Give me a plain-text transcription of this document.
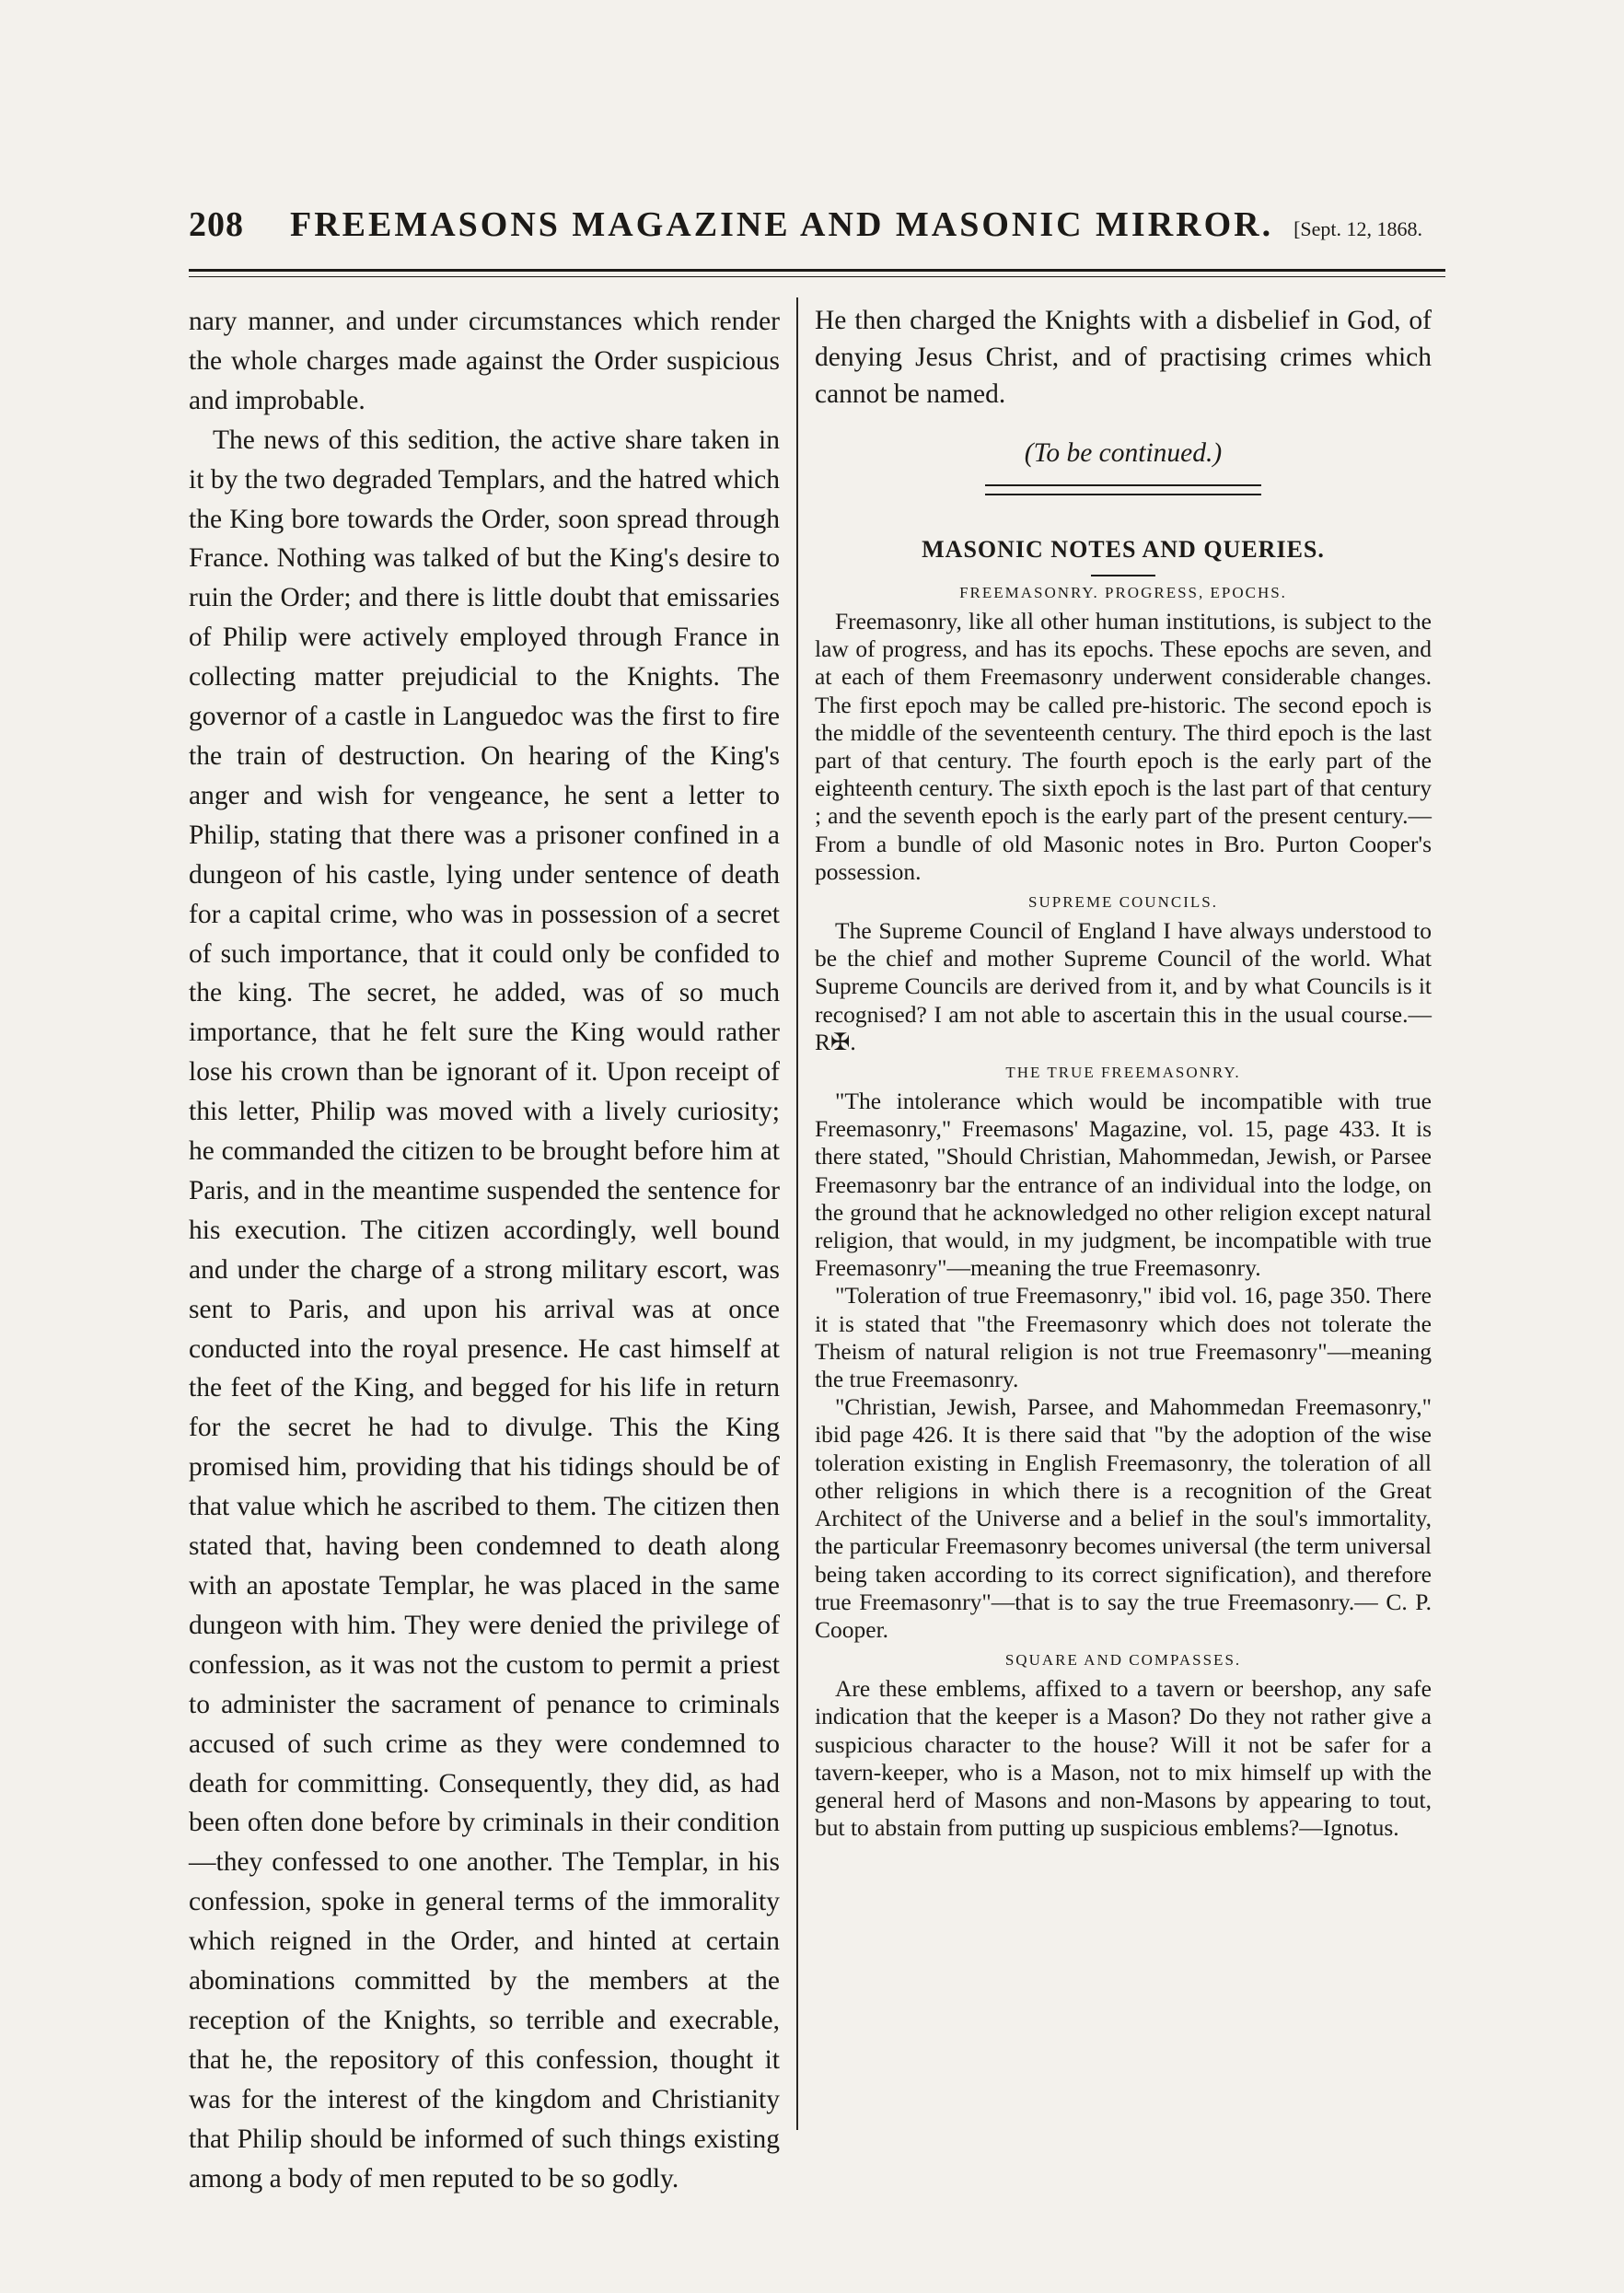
208 FREEMASONS MAGAZINE AND MASONIC MIRROR. [Sept. 12, 1868.

nary manner, and under circumstances which render the whole charges made against the Order suspicious and improbable.

The news of this sedition, the active share taken in it by the two degraded Templars, and the hatred which the King bore towards the Order, soon spread through France. Nothing was talked of but the King's desire to ruin the Order; and there is little doubt that emissaries of Philip were actively employed through France in collecting matter prejudicial to the Knights. The governor of a castle in Languedoc was the first to fire the train of destruction. On hearing of the King's anger and wish for vengeance, he sent a letter to Philip, stating that there was a prisoner confined in a dungeon of his castle, lying under sentence of death for a capital crime, who was in possession of a secret of such importance, that it could only be confided to the king. The secret, he added, was of so much importance, that he felt sure the King would rather lose his crown than be ignorant of it. Upon receipt of this letter, Philip was moved with a lively curiosity; he commanded the citizen to be brought before him at Paris, and in the meantime suspended the sentence for his execution. The citizen accordingly, well bound and under the charge of a strong military escort, was sent to Paris, and upon his arrival was at once conducted into the royal presence. He cast himself at the feet of the King, and begged for his life in return for the secret he had to divulge. This the King promised him, providing that his tidings should be of that value which he ascribed to them. The citizen then stated that, having been condemned to death along with an apostate Templar, he was placed in the same dungeon with him. They were denied the privilege of confession, as it was not the custom to permit a priest to administer the sacrament of penance to criminals accused of such crime as they were condemned to death for committing. Consequently, they did, as had been often done before by criminals in their condition—they confessed to one another. The Templar, in his confession, spoke in general terms of the immorality which reigned in the Order, and hinted at certain abominations committed by the members at the reception of the Knights, so terrible and execrable, that he, the repository of this confession, thought it was for the interest of the kingdom and Christianity that Philip should be informed of such things existing among a body of men reputed to be so godly.

He then charged the Knights with a disbelief in God, of denying Jesus Christ, and of practising crimes which cannot be named.

(To be continued.)
MASONIC NOTES AND QUERIES.
FREEMASONRY. PROGRESS, EPOCHS.

Freemasonry, like all other human institutions, is subject to the law of progress, and has its epochs. These epochs are seven, and at each of them Freemasonry underwent considerable changes. The first epoch may be called pre-historic. The second epoch is the middle of the seventeenth century. The third epoch is the last part of that century. The fourth epoch is the early part of the eighteenth century. The sixth epoch is the last part of that century ; and the seventh epoch is the early part of the present century.—From a bundle of old Masonic notes in Bro. Purton Cooper's possession.

SUPREME COUNCILS.

The Supreme Council of England I have always understood to be the chief and mother Supreme Council of the world. What Supreme Councils are derived from it, and by what Councils is it recognised? I am not able to ascertain this in the usual course.—R✠.

THE TRUE FREEMASONRY.

"The intolerance which would be incompatible with true Freemasonry," Freemasons' Magazine, vol. 15, page 433. It is there stated, "Should Christian, Mahommedan, Jewish, or Parsee Freemasonry bar the entrance of an individual into the lodge, on the ground that he acknowledged no other religion except natural religion, that would, in my judgment, be incompatible with true Freemasonry"—meaning the true Freemasonry.

"Toleration of true Freemasonry," ibid vol. 16, page 350. There it is stated that "the Freemasonry which does not tolerate the Theism of natural religion is not true Freemasonry"—meaning the true Freemasonry.

"Christian, Jewish, Parsee, and Mahommedan Freemasonry," ibid page 426. It is there said that "by the adoption of the wise toleration existing in English Freemasonry, the toleration of all other religions in which there is a recognition of the Great Architect of the Universe and a belief in the soul's immortality, the particular Freemasonry becomes universal (the term universal being taken according to its correct signification), and therefore true Freemasonry"—that is to say the true Freemasonry.— C. P. Cooper.

SQUARE AND COMPASSES.

Are these emblems, affixed to a tavern or beershop, any safe indication that the keeper is a Mason? Do they not rather give a suspicious character to the house? Will it not be safer for a tavern-keeper, who is a Mason, not to mix himself up with the general herd of Masons and non-Masons by appearing to tout, but to abstain from putting up suspicious emblems?—Ignotus.
